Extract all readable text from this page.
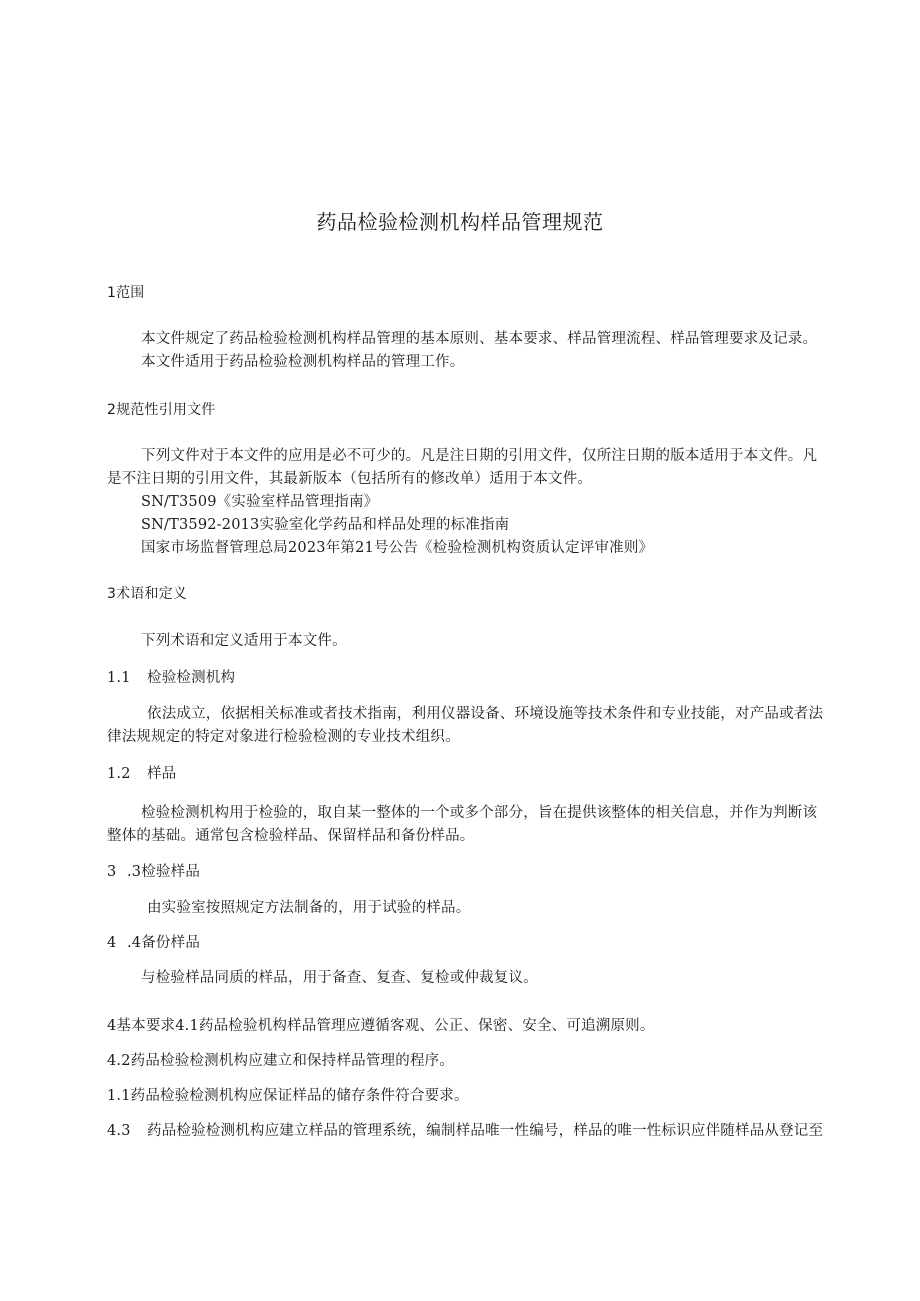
药品检验检测机构样品管理规范
1范围
本文件规定了药品检验检测机构样品管理的基本原则、基本要求、样品管理流程、样品管理要求及记录。
本文件适用于药品检验检测机构样品的管理工作。
2规范性引用文件
下列文件对于本文件的应用是必不可少的。凡是注日期的引用文件，仅所注日期的版本适用于本文件。凡
是不注日期的引用文件，其最新版本（包括所有的修改单）适用于本文件。
SN/T3509《实验室样品管理指南》
SN/T3592-2013实验室化学药品和样品处理的标准指南
国家市场监督管理总局2023年第21号公告《检验检测机构资质认定评审准则》
3术语和定义
下列术语和定义适用于本文件。
1.1 检验检测机构
依法成立，依据相关标准或者技术指南，利用仪器设备、环境设施等技术条件和专业技能，对产品或者法
律法规规定的特定对象进行检验检测的专业技术组织。
1.2 样品
检验检测机构用于检验的，取自某一整体的一个或多个部分，旨在提供该整体的相关信息，并作为判断该
整体的基础。通常包含检验样品、保留样品和备份样品。
3 .3检验样品
由实验室按照规定方法制备的，用于试验的样品。
4 .4备份样品
与检验样品同质的样品，用于备查、复查、复检或仲裁复议。
4基本要求4.1药品检验机构样品管理应遵循客观、公正、保密、安全、可追溯原则。
4.2药品检验检测机构应建立和保持样品管理的程序。
1.1药品检验检测机构应保证样品的储存条件符合要求。
4.3 药品检验检测机构应建立样品的管理系统，编制样品唯一性编号，样品的唯一性标识应伴随样品从登记至
